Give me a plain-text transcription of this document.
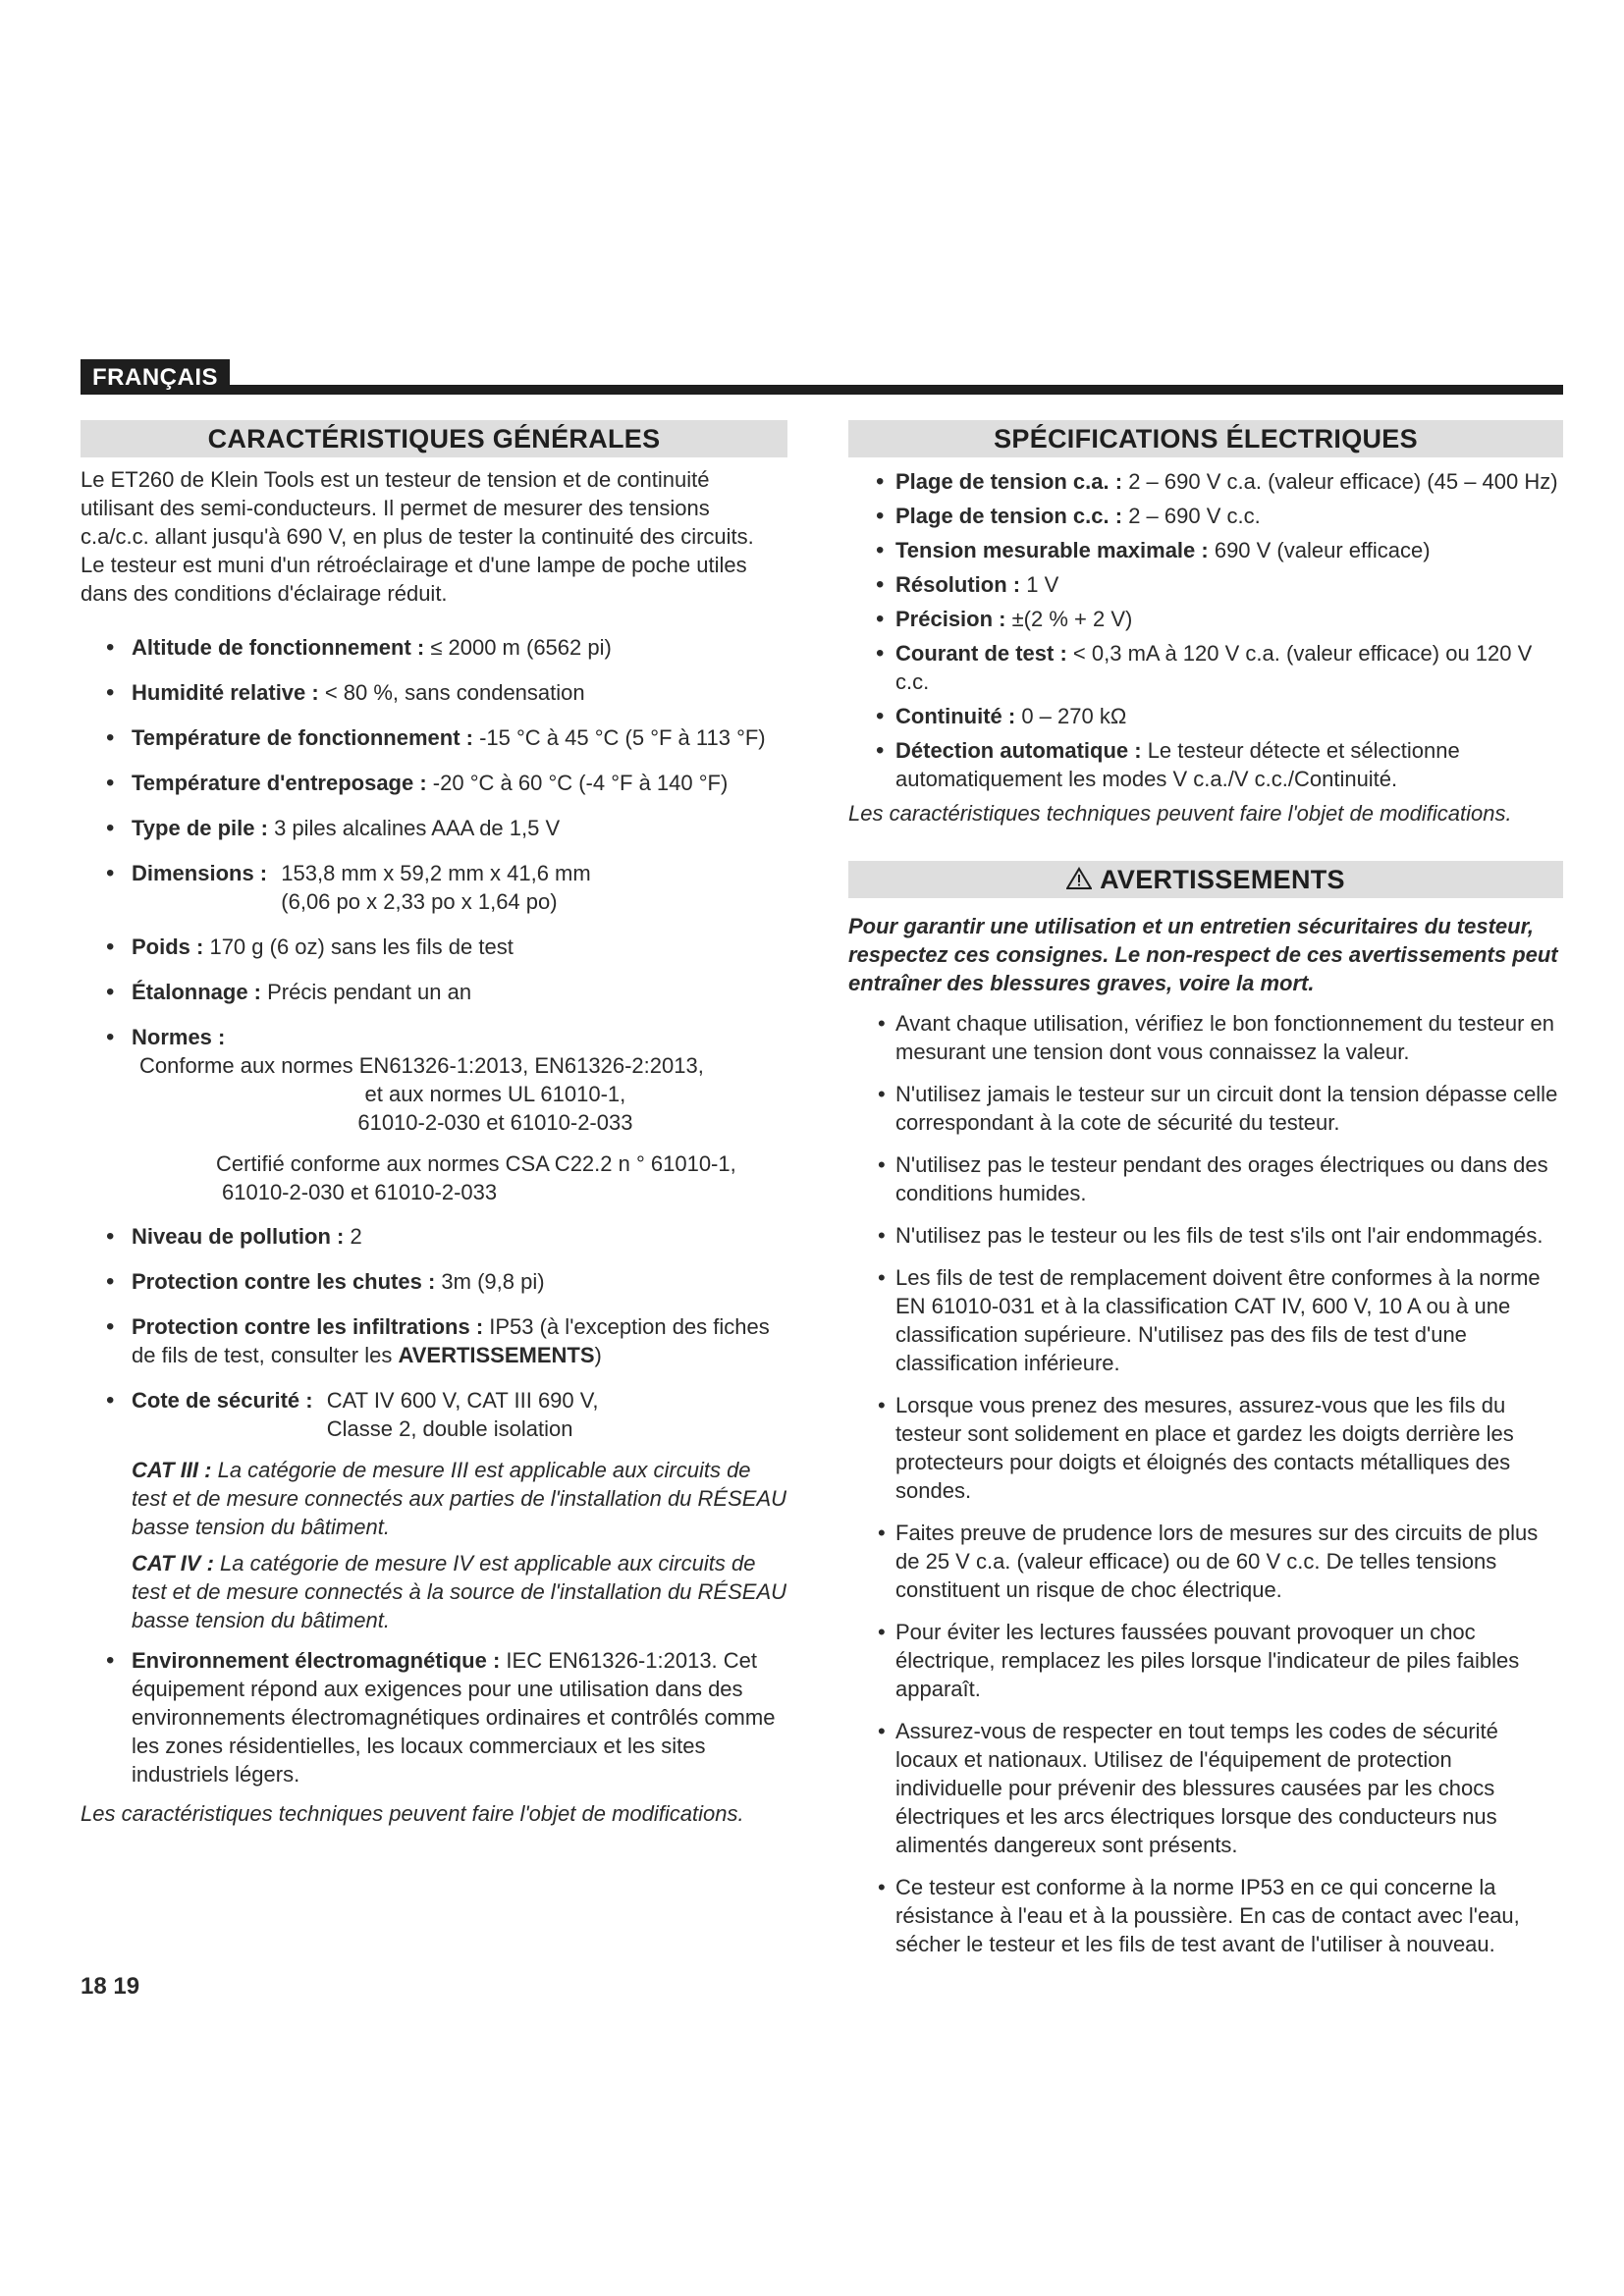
FRANÇAIS
CARACTÉRISTIQUES GÉNÉRALES

Le ET260 de Klein Tools est un testeur de tension et de continuité utilisant des semi-conducteurs. Il permet de mesurer des tensions c.a/c.c. allant jusqu'à 690 V, en plus de tester la continuité des circuits. Le testeur est muni d'un rétroéclairage et d'une lampe de poche utiles dans des conditions d'éclairage réduit.

• Altitude de fonctionnement : ≤ 2000 m (6562 pi)
• Humidité relative : < 80 %, sans condensation
• Température de fonctionnement : -15 °C à 45 °C (5 °F à 113 °F)
• Température d'entreposage : -20 °C à 60 °C (-4 °F à 140 °F)
• Type de pile : 3 piles alcalines AAA de 1,5 V
• Dimensions : 153,8 mm x 59,2 mm x 41,6 mm
(6,06 po x 2,33 po x 1,64 po)
• Poids : 170 g (6 oz) sans les fils de test
• Étalonnage : Précis pendant un an
• Normes :
Conforme aux normes EN61326-1:2013, EN61326-2:2013,
et aux normes UL 61010-1,
61010-2-030 et 61010-2-033

Certifié conforme aux normes CSA C22.2 n ° 61010-1,
61010-2-030 et 61010-2-033

• Niveau de pollution : 2
• Protection contre les chutes : 3m (9,8 pi)
• Protection contre les infiltrations : IP53 (à l'exception des fiches de fils de test, consulter les AVERTISSEMENTS)
• Cote de sécurité : CAT IV 600 V, CAT III 690 V,
Classe 2, double isolation

CAT III : La catégorie de mesure III est applicable aux circuits de test et de mesure connectés aux parties de l'installation du RÉSEAU basse tension du bâtiment.

CAT IV : La catégorie de mesure IV est applicable aux circuits de test et de mesure connectés à la source de l'installation du RÉSEAU basse tension du bâtiment.

• Environnement électromagnétique : IEC EN61326-1:2013. Cet équipement répond aux exigences pour une utilisation dans des environnements électromagnétiques ordinaires et contrôlés comme les zones résidentielles, les locaux commerciaux et les sites industriels légers.

Les caractéristiques techniques peuvent faire l'objet de modifications.

SPÉCIFICATIONS ÉLECTRIQUES
• Plage de tension c.a. : 2 – 690 V c.a. (valeur efficace) (45 – 400 Hz)
• Plage de tension c.c. : 2 – 690 V c.c.
• Tension mesurable maximale : 690 V (valeur efficace)
• Résolution : 1 V
• Précision : ±(2 % + 2 V)
• Courant de test : < 0,3 mA à 120 V c.a. (valeur efficace) ou 120 V c.c.
• Continuité : 0 – 270 kΩ
• Détection automatique : Le testeur détecte et sélectionne automatiquement les modes V c.a./V c.c./Continuité.

Les caractéristiques techniques peuvent faire l'objet de modifications.

AVERTISSEMENTS

Pour garantir une utilisation et un entretien sécuritaires du testeur, respectez ces consignes. Le non-respect de ces avertissements peut entraîner des blessures graves, voire la mort.

• Avant chaque utilisation, vérifiez le bon fonctionnement du testeur en mesurant une tension dont vous connaissez la valeur.
• N'utilisez jamais le testeur sur un circuit dont la tension dépasse celle correspondant à la cote de sécurité du testeur.
• N'utilisez pas le testeur pendant des orages électriques ou dans des conditions humides.
• N'utilisez pas le testeur ou les fils de test s'ils ont l'air endommagés.
• Les fils de test de remplacement doivent être conformes à la norme EN 61010-031 et à la classification CAT IV, 600 V, 10 A ou à une classification supérieure. N'utilisez pas des fils de test d'une classification inférieure.
• Lorsque vous prenez des mesures, assurez-vous que les fils du testeur sont solidement en place et gardez les doigts derrière les protecteurs pour doigts et éloignés des contacts métalliques des sondes.
• Faites preuve de prudence lors de mesures sur des circuits de plus de 25 V c.a. (valeur efficace) ou de 60 V c.c. De telles tensions constituent un risque de choc électrique.
• Pour éviter les lectures faussées pouvant provoquer un choc électrique, remplacez les piles lorsque l'indicateur de piles faibles apparaît.
• Assurez-vous de respecter en tout temps les codes de sécurité locaux et nationaux. Utilisez de l'équipement de protection individuelle pour prévenir des blessures causées par les chocs électriques et les arcs électriques lorsque des conducteurs nus alimentés dangereux sont présents.
• Ce testeur est conforme à la norme IP53 en ce qui concerne la résistance à l'eau et à la poussière. En cas de contact avec l'eau, sécher le testeur et les fils de test avant de l'utiliser à nouveau.
18 19
